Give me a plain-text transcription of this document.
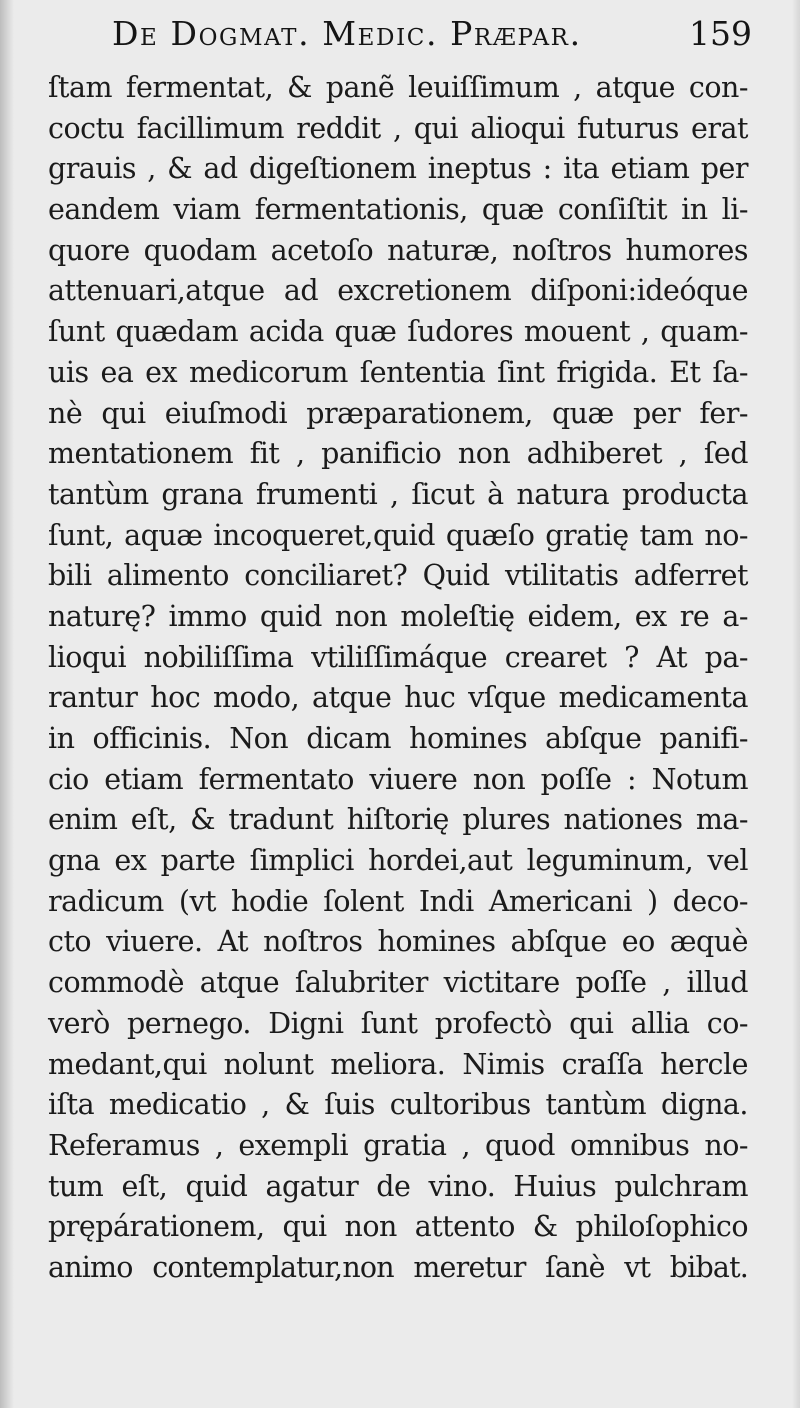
De Dogmat. Medic. Præpar.	159
ſtam fermentat, & panẽ leuiſſimum , atque con-
coctu facillimum reddit , qui alioqui futurus erat
grauis , & ad digeſtionem ineptus : ita etiam per
eandem viam fermentationis, quæ conſiſtit in li-
quore quodam acetoſo naturæ, noſtros humores
attenuari,atque ad excretionem diſponi:ideóque
ſunt quædam acida quæ ſudores mouent , quam-
uis ea ex medicorum ſententia ſint frigida. Et ſa-
nè qui eiuſmodi præparationem, quæ per fer-
mentationem fit , panificio non adhiberet , ſed
tantùm grana frumenti , ſicut à natura producta
ſunt, aquæ incoqueret,quid quæſo gratię tam no-
bili alimento conciliaret? Quid vtilitatis adferret
naturę? immo quid non moleſtię eidem, ex re a-
lioqui nobiliſſima vtiliſſimáque crearet ? At pa-
rantur hoc modo, atque huc vſque medicamenta
in officinis. Non dicam homines abſque panifi-
cio etiam fermentato viuere non poſſe : Notum
enim eſt, & tradunt hiſtorię plures nationes ma-
gna ex parte ſimplici hordei,aut leguminum, vel
radicum (vt hodie ſolent Indi Americani ) deco-
cto viuere. At noſtros homines abſque eo æquè
commodè atque ſalubriter victitare poſſe , illud
verò pernego. Digni ſunt profectò qui allia co-
medant,qui nolunt meliora. Nimis craſſa hercle
iſta medicatio , & ſuis cultoribus tantùm digna.
Referamus , exempli gratia , quod omnibus no-
tum eſt, quid agatur de vino. Huius pulchram
prępárationem, qui non attento & philoſophico
animo contemplatur,non meretur ſanè vt bibat.
